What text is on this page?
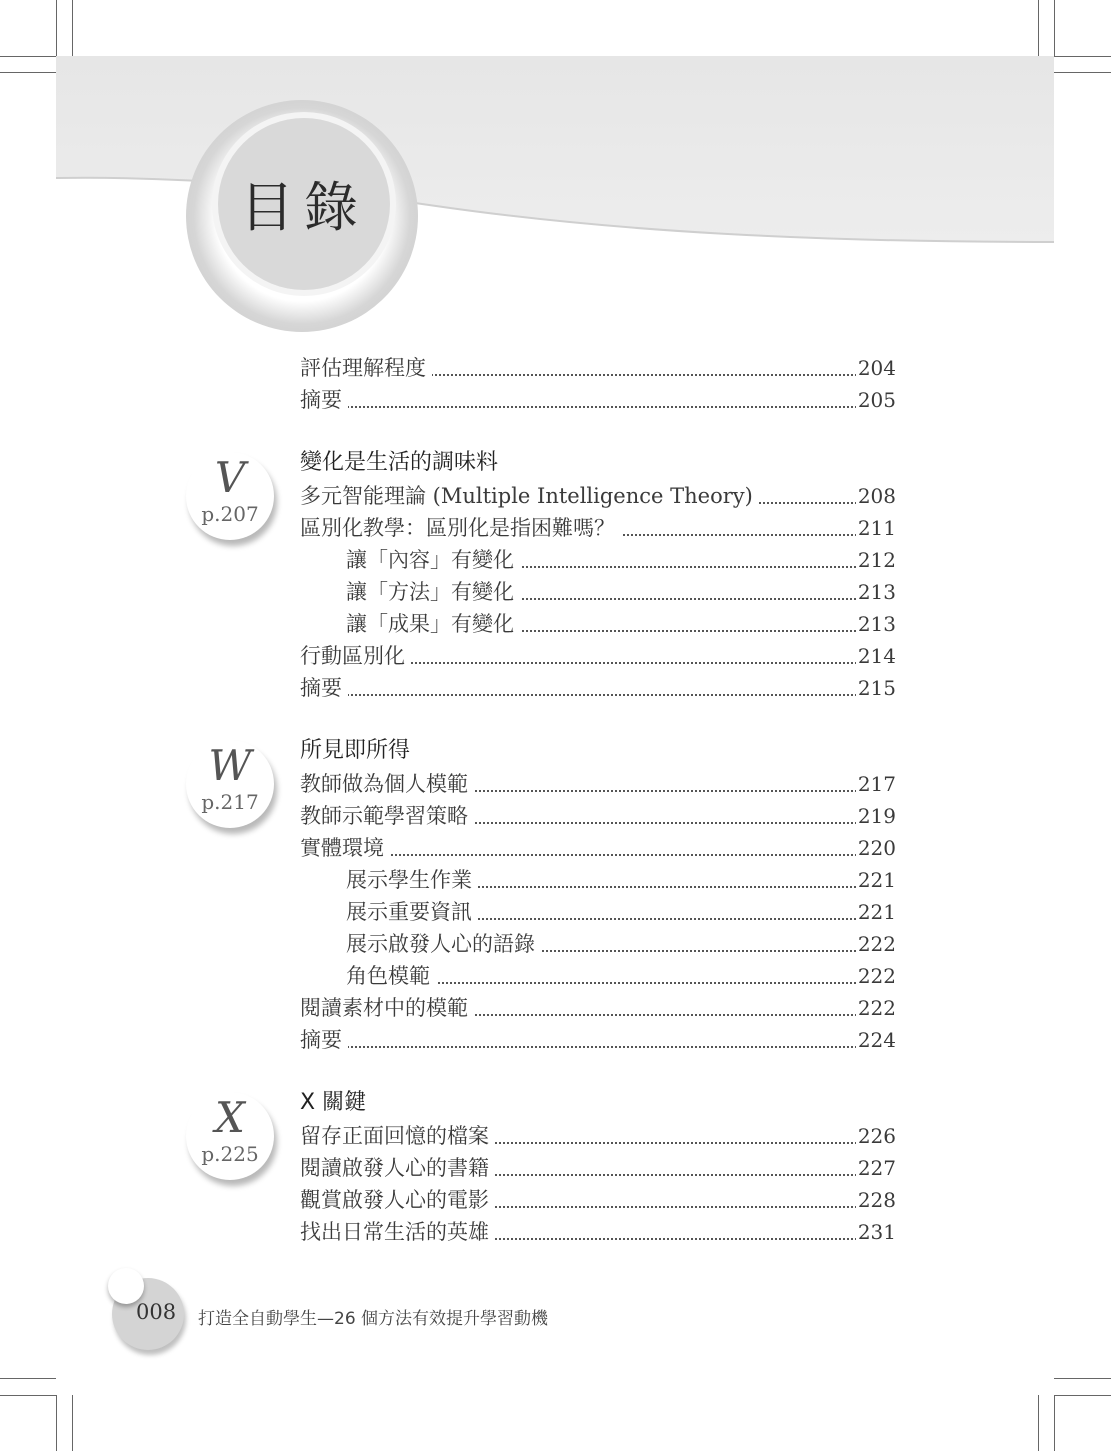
目錄
評估理解程度	204
摘要	205
V
p.207
變化是生活的調味料
多元智能理論 (Multiple Intelligence Theory)	208
區別化教學：區別化是指困難嗎？	211
讓「內容」有變化	212
讓「方法」有變化	213
讓「成果」有變化	213
行動區別化	214
摘要	215
W
p.217
所見即所得
教師做為個人模範	217
教師示範學習策略	219
實體環境	220
展示學生作業	221
展示重要資訊	221
展示啟發人心的語錄	222
角色模範	222
閱讀素材中的模範	222
摘要	224
X
p.225
X 關鍵
留存正面回憶的檔案	226
閱讀啟發人心的書籍	227
觀賞啟發人心的電影	228
找出日常生活的英雄	231
008 打造全自動學生—26 個方法有效提升學習動機
